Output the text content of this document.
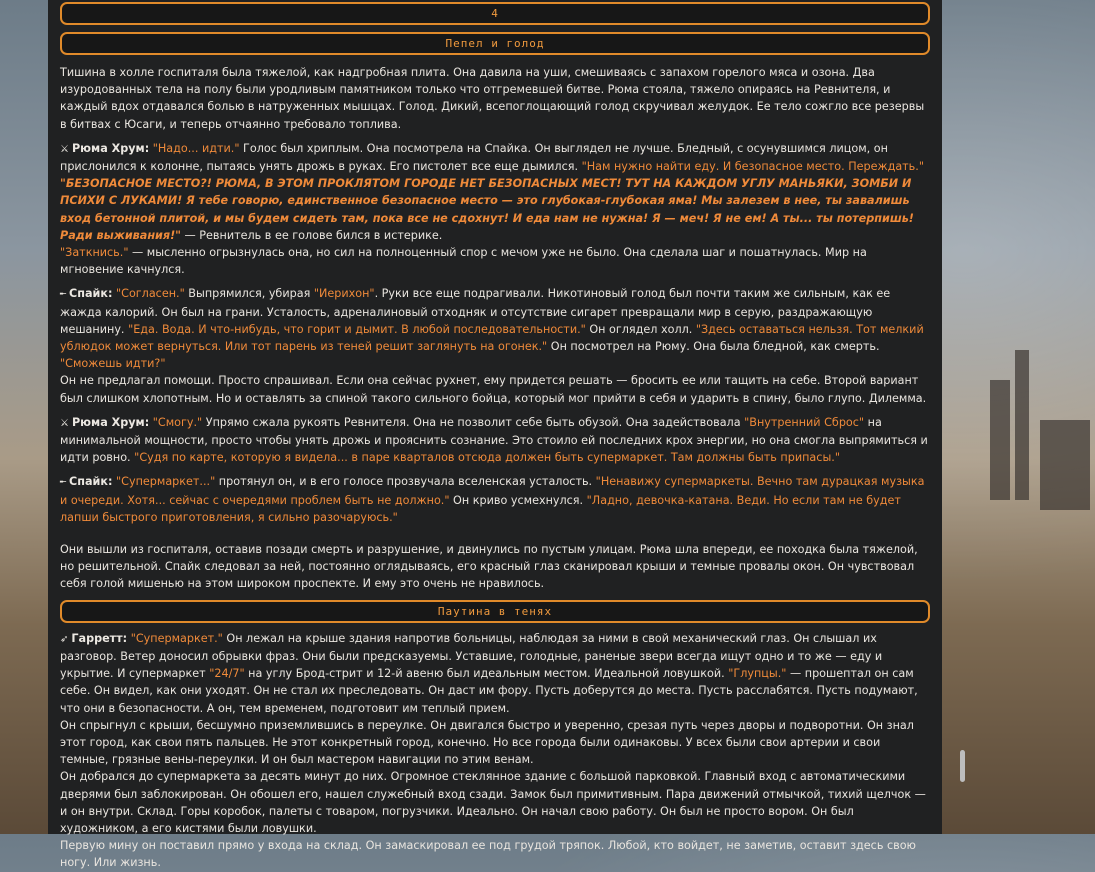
4
Пепел и голод

Тишина в холле госпиталя была тяжелой, как надгробная плита. Она давила на уши, смешиваясь с запахом горелого мяса и озона. Два изуродованных тела на полу были уродливым памятником только что отгремевшей битве. Рюма стояла, тяжело опираясь на Ревнителя, и каждый вдох отдавался болью в натруженных мышцах. Голод. Дикий, всепоглощающий голод скручивал желудок. Ее тело сожгло все резервы в битвах с Юсаги, и теперь отчаянно требовало топлива.

⚔ Рюма Хрум: "Надо... идти." Голос был хриплым. Она посмотрела на Спайка. Он выглядел не лучше. Бледный, с осунувшимся лицом, он прислонился к колонне, пытаясь унять дрожь в руках. Его пистолет все еще дымился. "Нам нужно найти еду. И безопасное место. Переждать."
"БЕЗОПАСНОЕ МЕСТО?! РЮМА, В ЭТОМ ПРОКЛЯТОМ ГОРОДЕ НЕТ БЕЗОПАСНЫХ МЕСТ! ТУТ НА КАЖДОМ УГЛУ МАНЬЯКИ, ЗОМБИ И ПСИХИ С ЛУКАМИ! Я тебе говорю, единственное безопасное место — это глубокая-глубокая яма! Мы залезем в нее, ты завалишь вход бетонной плитой, и мы будем сидеть там, пока все не сдохнут! И еда нам не нужна! Я — меч! Я не ем! А ты... ты потерпишь! Ради выживания!" — Ревнитель в ее голове бился в истерике.
"Заткнись." — мысленно огрызнулась она, но сил на полноценный спор с мечом уже не было. Она сделала шаг и пошатнулась. Мир на мгновение качнулся.

╾ Спайк: "Согласен." Выпрямился, убирая "Иерихон". Руки все еще подрагивали. Никотиновый голод был почти таким же сильным, как ее жажда калорий. Он был на грани. Усталость, адреналиновый отходняк и отсутствие сигарет превращали мир в серую, раздражающую мешанину. "Еда. Вода. И что-нибудь, что горит и дымит. В любой последовательности." Он оглядел холл. "Здесь оставаться нельзя. Тот мелкий ублюдок может вернуться. Или тот парень из теней решит заглянуть на огонек." Он посмотрел на Рюму. Она была бледной, как смерть. "Сможешь идти?"
Он не предлагал помощи. Просто спрашивал. Если она сейчас рухнет, ему придется решать — бросить ее или тащить на себе. Второй вариант был слишком хлопотным. Но и оставлять за спиной такого сильного бойца, который мог прийти в себя и ударить в спину, было глупо. Дилемма.

⚔ Рюма Хрум: "Смогу." Упрямо сжала рукоять Ревнителя. Она не позволит себе быть обузой. Она задействовала "Внутренний Сброс" на минимальной мощности, просто чтобы унять дрожь и прояснить сознание. Это стоило ей последних крох энергии, но она смогла выпрямиться и идти ровно. "Судя по карте, которую я видела... в паре кварталов отсюда должен быть супермаркет. Там должны быть припасы."

╾ Спайк: "Супермаркет..." протянул он, и в его голосе прозвучала вселенская усталость. "Ненавижу супермаркеты. Вечно там дурацкая музыка и очереди. Хотя... сейчас с очередями проблем быть не должно." Он криво усмехнулся. "Ладно, девочка-катана. Веди. Но если там не будет лапши быстрого приготовления, я сильно разочаруюсь."

Они вышли из госпиталя, оставив позади смерть и разрушение, и двинулись по пустым улицам. Рюма шла впереди, ее походка была тяжелой, но решительной. Спайк следовал за ней, постоянно оглядываясь, его красный глаз сканировал крыши и темные провалы окон. Он чувствовал себя голой мишенью на этом широком проспекте. И ему это очень не нравилось.

Паутина в тенях

➶ Гарретт: "Супермаркет." Он лежал на крыше здания напротив больницы, наблюдая за ними в свой механический глаз. Он слышал их разговор. Ветер доносил обрывки фраз. Они были предсказуемы. Уставшие, голодные, раненые звери всегда ищут одно и то же — еду и укрытие. И супермаркет "24/7" на углу Брод-стрит и 12-й авеню был идеальным местом. Идеальной ловушкой. "Глупцы." — прошептал он сам себе. Он видел, как они уходят. Он не стал их преследовать. Он даст им фору. Пусть доберутся до места. Пусть расслабятся. Пусть подумают, что они в безопасности. А он, тем временем, подготовит им теплый прием.
Он спрыгнул с крыши, бесшумно приземлившись в переулке. Он двигался быстро и уверенно, срезая путь через дворы и подворотни. Он знал этот город, как свои пять пальцев. Не этот конкретный город, конечно. Но все города были одинаковы. У всех были свои артерии и свои темные, грязные вены-переулки. И он был мастером навигации по этим венам.
Он добрался до супермаркета за десять минут до них. Огромное стеклянное здание с большой парковкой. Главный вход с автоматическими дверями был заблокирован. Он обошел его, нашел служебный вход сзади. Замок был примитивным. Пара движений отмычкой, тихий щелчок — и он внутри. Склад. Горы коробок, палеты с товаром, погрузчики. Идеально. Он начал свою работу. Он был не просто вором. Он был художником, а его кистями были ловушки.
Первую мину он поставил прямо у входа на склад. Он замаскировал ее под грудой тряпок. Любой, кто войдет, не заметив, оставит здесь свою ногу. Или жизнь.
